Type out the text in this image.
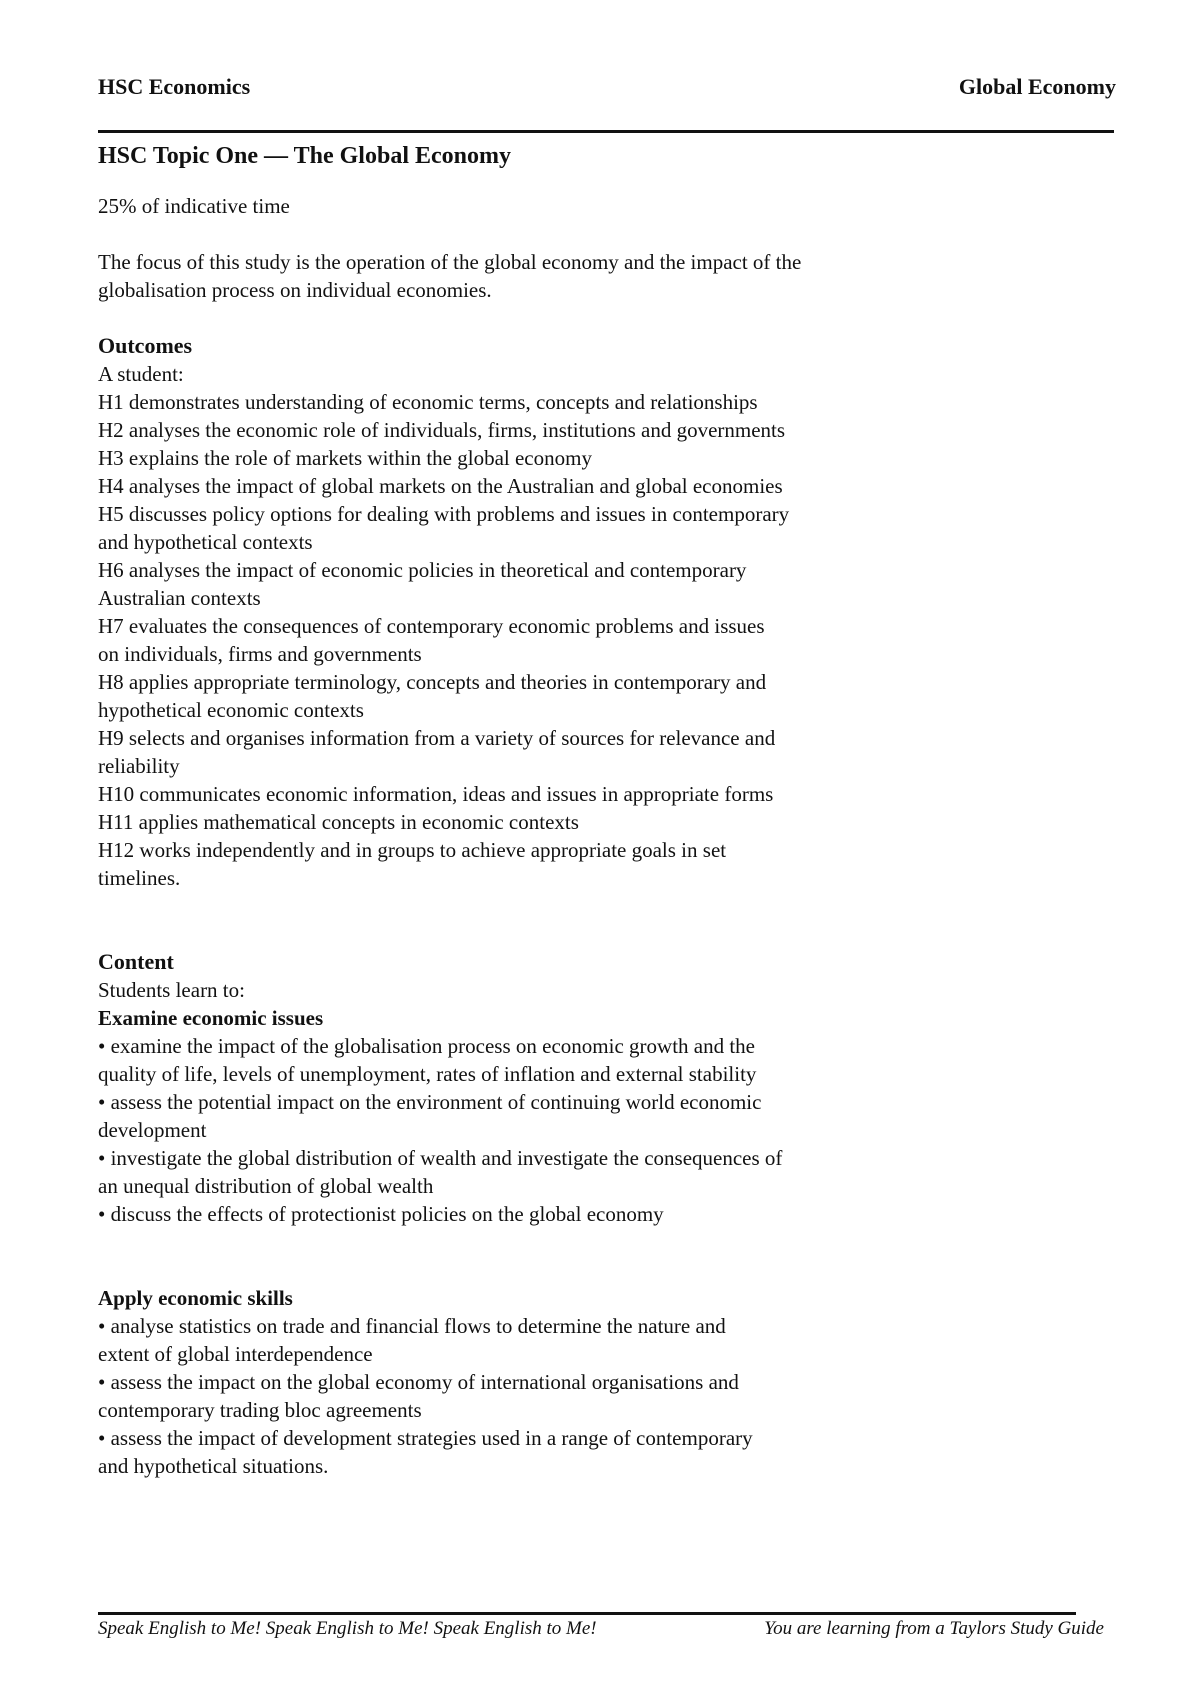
HSC Economics	Global Economy

HSC Topic One — The Global Economy

25% of indicative time

The focus of this study is the operation of the global economy and the impact of the

globalisation process on individual economies.

Outcomes

A student:

H1 demonstrates understanding of economic terms, concepts and relationships

H2 analyses the economic role of individuals, firms, institutions and governments

H3 explains the role of markets within the global economy

H4 analyses the impact of global markets on the Australian and global economies

H5 discusses policy options for dealing with problems and issues in contemporary

and hypothetical contexts

H6 analyses the impact of economic policies in theoretical and contemporary

Australian contexts

H7 evaluates the consequences of contemporary economic problems and issues

on individuals, firms and governments

H8 applies appropriate terminology, concepts and theories in contemporary and

hypothetical economic contexts

H9 selects and organises information from a variety of sources for relevance and

reliability

H10 communicates economic information, ideas and issues in appropriate forms

H11 applies mathematical concepts in economic contexts

H12 works independently and in groups to achieve appropriate goals in set

timelines.

Content

Students learn to:

Examine economic issues

• examine the impact of the globalisation process on economic growth and the

quality of life, levels of unemployment, rates of inflation and external stability

• assess the potential impact on the environment of continuing world economic

development

• investigate the global distribution of wealth and investigate the consequences of

an unequal distribution of global wealth

• discuss the effects of protectionist policies on the global economy

Apply economic skills

• analyse statistics on trade and financial flows to determine the nature and

extent of global interdependence

• assess the impact on the global economy of international organisations and

contemporary trading bloc agreements

• assess the impact of development strategies used in a range of contemporary

and hypothetical situations.

Speak English to Me! Speak English to Me! Speak English to Me!	You are learning from a Taylors Study Guide
